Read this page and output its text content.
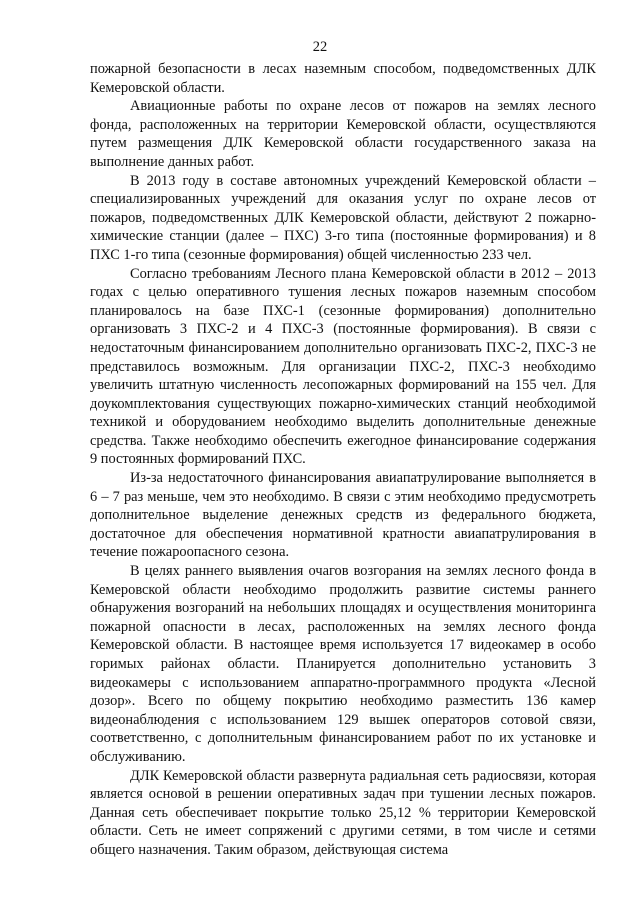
22

пожарной безопасности в лесах наземным способом, подведомственных ДЛК Кемеровской области.

Авиационные работы по охране лесов от пожаров на землях лесного фонда, расположенных на территории Кемеровской области, осуществляются путем размещения ДЛК Кемеровской области государственного заказа на выполнение данных работ.

В 2013 году в составе автономных учреждений Кемеровской области – специализированных учреждений для оказания услуг по охране лесов от пожаров, подведомственных ДЛК Кемеровской области, действуют 2 пожарно-химические станции (далее – ПХС) 3-го типа (постоянные формирования) и 8 ПХС 1-го типа (сезонные формирования) общей численностью 233 чел.

Согласно требованиям Лесного плана Кемеровской области в 2012 – 2013 годах с целью оперативного тушения лесных пожаров наземным способом планировалось на базе ПХС-1 (сезонные формирования) дополнительно организовать 3 ПХС-2 и 4 ПХС-3 (постоянные формирования). В связи с недостаточным финансированием дополнительно организовать ПХС-2, ПХС-3 не представилось возможным. Для организации ПХС-2, ПХС-3 необходимо увеличить штатную численность лесопожарных формирований на 155 чел. Для доукомплектования существующих пожарно-химических станций необходимой техникой и оборудованием необходимо выделить дополнительные денежные средства. Также необходимо обеспечить ежегодное финансирование содержания 9 постоянных формирований ПХС.

Из-за недостаточного финансирования авиапатрулирование выполняется в 6 – 7 раз меньше, чем это необходимо. В связи с этим необходимо предусмотреть дополнительное выделение денежных средств из федерального бюджета, достаточное для обеспечения нормативной кратности авиапатрулирования в течение пожароопасного сезона.

В целях раннего выявления очагов возгорания на землях лесного фонда в Кемеровской области необходимо продолжить развитие системы раннего обнаружения возгораний на небольших площадях и осуществления мониторинга пожарной опасности в лесах, расположенных на землях лесного фонда Кемеровской области. В настоящее время используется 17 видеокамер в особо горимых районах области. Планируется дополнительно установить 3 видеокамеры с использованием аппаратно-программного продукта «Лесной дозор». Всего по общему покрытию необходимо разместить 136 камер видеонаблюдения с использованием 129 вышек операторов сотовой связи, соответственно, с дополнительным финансированием работ по их установке и обслуживанию.

ДЛК Кемеровской области развернута радиальная сеть радиосвязи, которая является основой в решении оперативных задач при тушении лесных пожаров. Данная сеть обеспечивает покрытие только 25,12 % территории Кемеровской области. Сеть не имеет сопряжений с другими сетями, в том числе и сетями общего назначения. Таким образом, действующая система
